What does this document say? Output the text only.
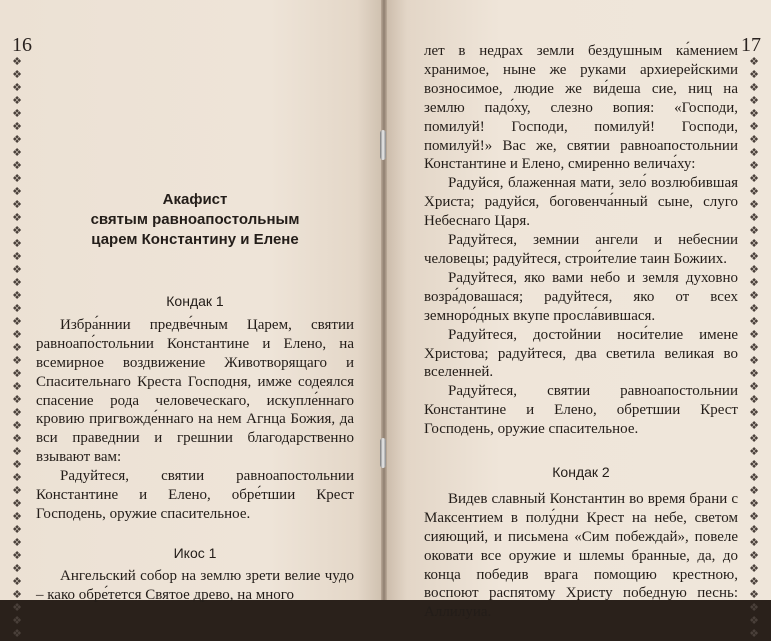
16
❖
❖
❖
❖
❖
❖
❖
❖
❖
❖
❖
❖
❖
❖
❖
❖
❖
❖
❖
❖
❖
❖
❖
❖
❖
❖
❖
❖
❖
❖
❖
❖
❖
❖
❖
❖
❖
❖
❖
❖
❖
❖
❖
❖
❖
Акафист
святым равноапостольным
царем Константину и Елене
Кондак 1

Избра́ннии предве́чным Царем, святии равноапо́стольнии Константине и Елено, на всемирное воздвижение Животворящаго и Спасительнаго Креста Господня, имже содеялся спасение рода человеческаго, искупле́ннаго кровию пригвожде́ннаго на нем Агнца Божия, да вси праведнии и грешнии благодарственно взывают вам:

Радуйтеся, святии равноапостольнии Константине и Елено, обре́тшии Крест Господень, оружие спасительное.

Икос 1

Ангельский собор на землю зрети велие чудо – како обре́тется Святое древо, на много

17
❖
❖
❖
❖
❖
❖
❖
❖
❖
❖
❖
❖
❖
❖
❖
❖
❖
❖
❖
❖
❖
❖
❖
❖
❖
❖
❖
❖
❖
❖
❖
❖
❖
❖
❖
❖
❖
❖
❖
❖
❖
❖
❖
❖
❖

лет в недрах земли бездушным ка́мением хранимое, ныне же руками архиерейскими возносимое, людие же ви́деша сие, ниц на землю падо́ху, слезно вопия: «Господи, помилуй! Господи, помилуй! Господи, помилуй!» Вас же, святии равноапостольнии Константине и Елено, смиренно велича́ху:

Радуйся, блаженная мати, зело́ возлюбившая Христа; радуйся, боговенча́нный сыне, слуго Небеснаго Царя.

Радуйтеся, земнии ангели и небеснии человецы; радуйтеся, строи́телие таин Божиих.

Радуйтеся, яко вами небо и земля духовно возра́довашася; радуйтеся, яко от всех земноро́дных вкупе просла́вившася.

Радуйтеся, достойнии носи́телие имене Христова; радуйтеся, два светила великая во вселенней.

Радуйтеся, святии равноапостольнии Константине и Елено, обретшии Крест Господень, оружие спасительное.

Кондак 2

Видев славный Константин во время брани с Максентием в полу́дни Крест на небе, светом сияющий, и письмена «Сим побеждай», повеле оковати все оружие и шлемы бранные, да, до конца победив врага помощию крестною, воспоют распятому Христу победную песнь: Аллилуиа.
